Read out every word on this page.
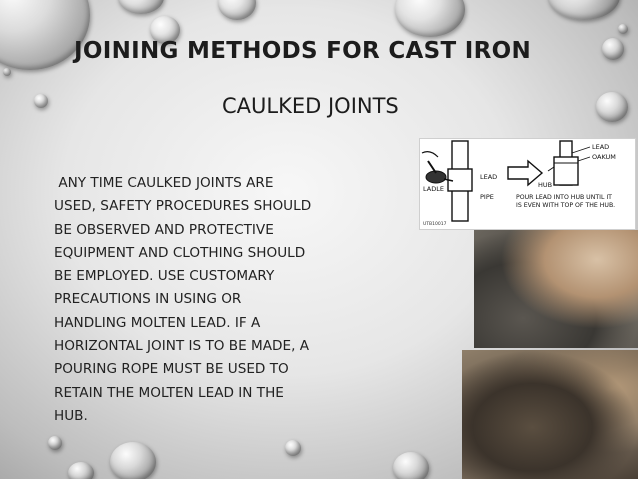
JOINING METHODS FOR CAST IRON
CAULKED JOINTS
ANY TIME CAULKED JOINTS ARE
USED, SAFETY PROCEDURES SHOULD
BE OBSERVED AND PROTECTIVE
EQUIPMENT AND CLOTHING SHOULD
BE EMPLOYED. USE CUSTOMARY
PRECAUTIONS IN USING OR
HANDLING MOLTEN LEAD. IF A
HORIZONTAL JOINT IS TO BE MADE, A
POURING ROPE MUST BE USED TO
RETAIN THE MOLTEN LEAD IN THE
HUB.
LADLE
LEAD
PIPE
LEAD
OAKUM
HUB
POUR LEAD INTO HUB UNTIL IT
IS EVEN WITH TOP OF THE HUB.
UTB10017
